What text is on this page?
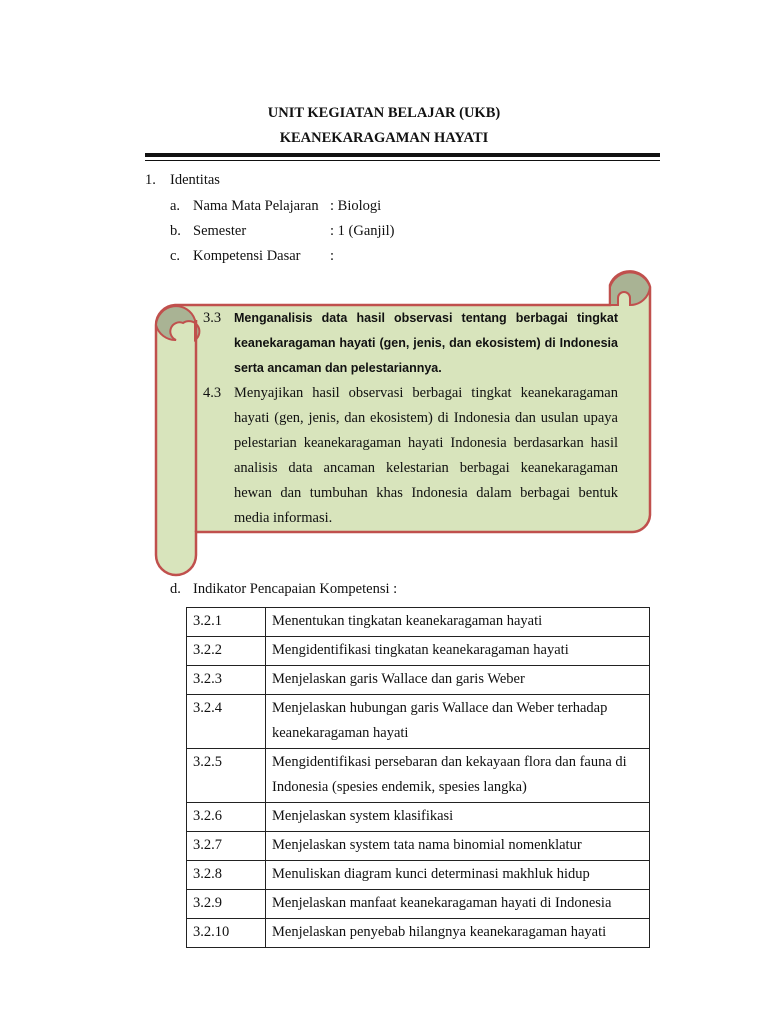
UNIT KEGIATAN BELAJAR (UKB)
KEANEKARAGAMAN HAYATI
1. Identitas
a. Nama Mata Pelajaran : Biologi
b. Semester	: 1 (Ganjil)
c. Kompetensi Dasar :
3.3	Menganalisis data hasil observasi tentang berbagai tingkat keanekaragaman hayati (gen, jenis, dan ekosistem) di Indonesia serta ancaman dan pelestariannya.
4.3 Menyajikan hasil observasi berbagai tingkat keanekaragaman hayati (gen, jenis, dan ekosistem) di Indonesia dan usulan upaya pelestarian keanekaragaman hayati Indonesia berdasarkan hasil analisis data ancaman kelestarian berbagai keanekaragaman hewan dan tumbuhan khas Indonesia dalam berbagai bentuk media informasi.
d. Indikator Pencapaian Kompetensi :
3.2.1	Menentukan tingkatan keanekaragaman hayati
3.2.2	Mengidentifikasi tingkatan keanekaragaman hayati
3.2.3	Menjelaskan garis Wallace dan garis Weber
3.2.4	Menjelaskan hubungan garis Wallace dan Weber terhadap keanekaragaman hayati
3.2.5	Mengidentifikasi persebaran dan kekayaan flora dan fauna di Indonesia (spesies endemik, spesies langka)
3.2.6	Menjelaskan system klasifikasi
3.2.7	Menjelaskan system tata nama binomial nomenklatur
3.2.8	Menuliskan diagram kunci determinasi makhluk hidup
3.2.9	Menjelaskan manfaat keanekaragaman hayati di Indonesia
3.2.10	Menjelaskan penyebab hilangnya keanekaragaman hayati
